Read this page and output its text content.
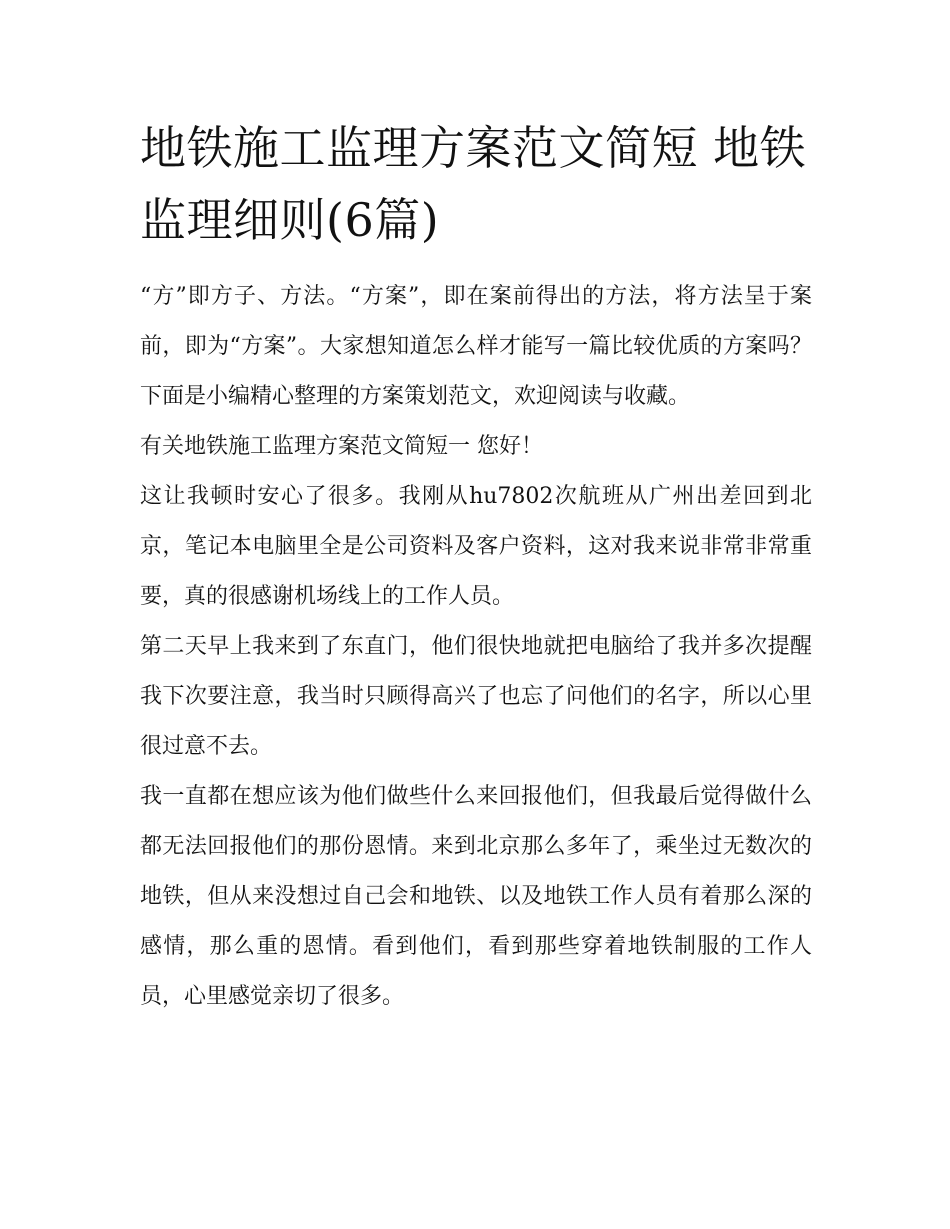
地铁施工监理方案范文简短 地铁监理细则(6篇)

“方”即方子、方法。“方案”，即在案前得出的方法，将方法呈于案前，即为“方案”。大家想知道怎么样才能写一篇比较优质的方案吗？下面是小编精心整理的方案策划范文，欢迎阅读与收藏。

有关地铁施工监理方案范文简短一 您好！

这让我顿时安心了很多。我刚从hu7802次航班从广州出差回到北京，笔记本电脑里全是公司资料及客户资料，这对我来说非常非常重要，真的很感谢机场线上的工作人员。

第二天早上我来到了东直门，他们很快地就把电脑给了我并多次提醒我下次要注意，我当时只顾得高兴了也忘了问他们的名字，所以心里很过意不去。

我一直都在想应该为他们做些什么来回报他们，但我最后觉得做什么都无法回报他们的那份恩情。来到北京那么多年了，乘坐过无数次的地铁，但从来没想过自己会和地铁、以及地铁工作人员有着那么深的感情，那么重的恩情。看到他们，看到那些穿着地铁制服的工作人员，心里感觉亲切了很多。
